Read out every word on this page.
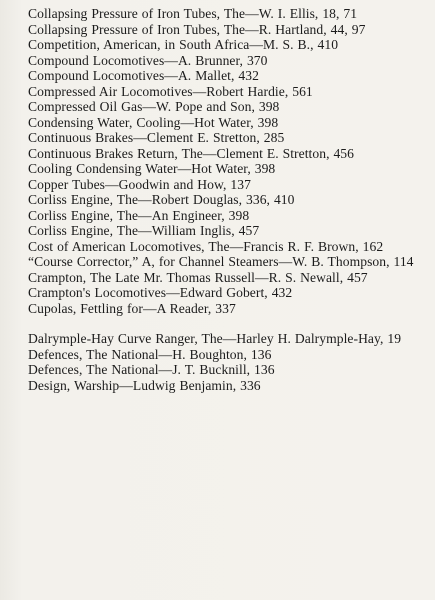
Collapsing Pressure of Iron Tubes, The—W. I. Ellis, 18, 71
Collapsing Pressure of Iron Tubes, The—R. Hartland, 44, 97
Competition, American, in South Africa—M. S. B., 410
Compound Locomotives—A. Brunner, 370
Compound Locomotives—A. Mallet, 432
Compressed Air Locomotives—Robert Hardie, 561
Compressed Oil Gas—W. Pope and Son, 398
Condensing Water, Cooling—Hot Water, 398
Continuous Brakes—Clement E. Stretton, 285
Continuous Brakes Return, The—Clement E. Stretton, 456
Cooling Condensing Water—Hot Water, 398
Copper Tubes—Goodwin and How, 137
Corliss Engine, The—Robert Douglas, 336, 410
Corliss Engine, The—An Engineer, 398
Corliss Engine, The—William Inglis, 457
Cost of American Locomotives, The—Francis R. F. Brown, 162
“Course Corrector,” A, for Channel Steamers—W. B. Thompson, 114
Crampton, The Late Mr. Thomas Russell—R. S. Newall, 457
Crampton's Locomotives—Edward Gobert, 432
Cupolas, Fettling for—A Reader, 337
Dalrymple-Hay Curve Ranger, The—Harley H. Dalrymple-Hay, 19
Defences, The National—H. Boughton, 136
Defences, The National—J. T. Bucknill, 136
Design, Warship—Ludwig Benjamin, 336
